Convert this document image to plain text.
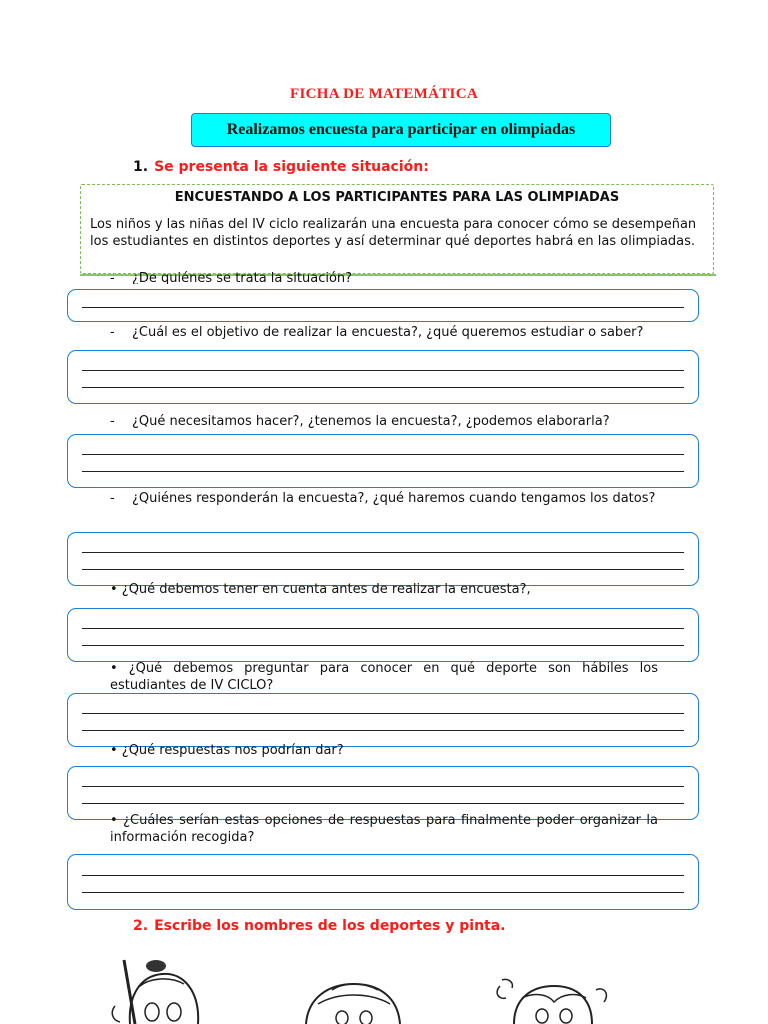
FICHA DE MATEMÁTICA
Realizamos encuesta para participar en olimpiadas
1. Se presenta la siguiente situación:
ENCUESTANDO A LOS PARTICIPANTES PARA LAS OLIMPIADAS
Los niños y las niñas del IV ciclo realizarán una encuesta para conocer cómo se desempeñan los estudiantes en distintos deportes y así determinar qué deportes habrá en las olimpiadas.
- ¿De quiénes se trata la situación?
- ¿Cuál es el objetivo de realizar la encuesta?, ¿qué queremos estudiar o saber?
- ¿Qué necesitamos hacer?, ¿tenemos la encuesta?, ¿podemos elaborarla?
- ¿Quiénes responderán la encuesta?, ¿qué haremos cuando tengamos los datos?
• ¿Qué debemos tener en cuenta antes de realizar la encuesta?,
• ¿Qué debemos preguntar para conocer en qué deporte son hábiles los estudiantes de IV CICLO?
• ¿Qué respuestas nos podrían dar?
• ¿Cuáles serían estas opciones de respuestas para finalmente poder organizar la información recogida?
2. Escribe los nombres de los deportes y pinta.
